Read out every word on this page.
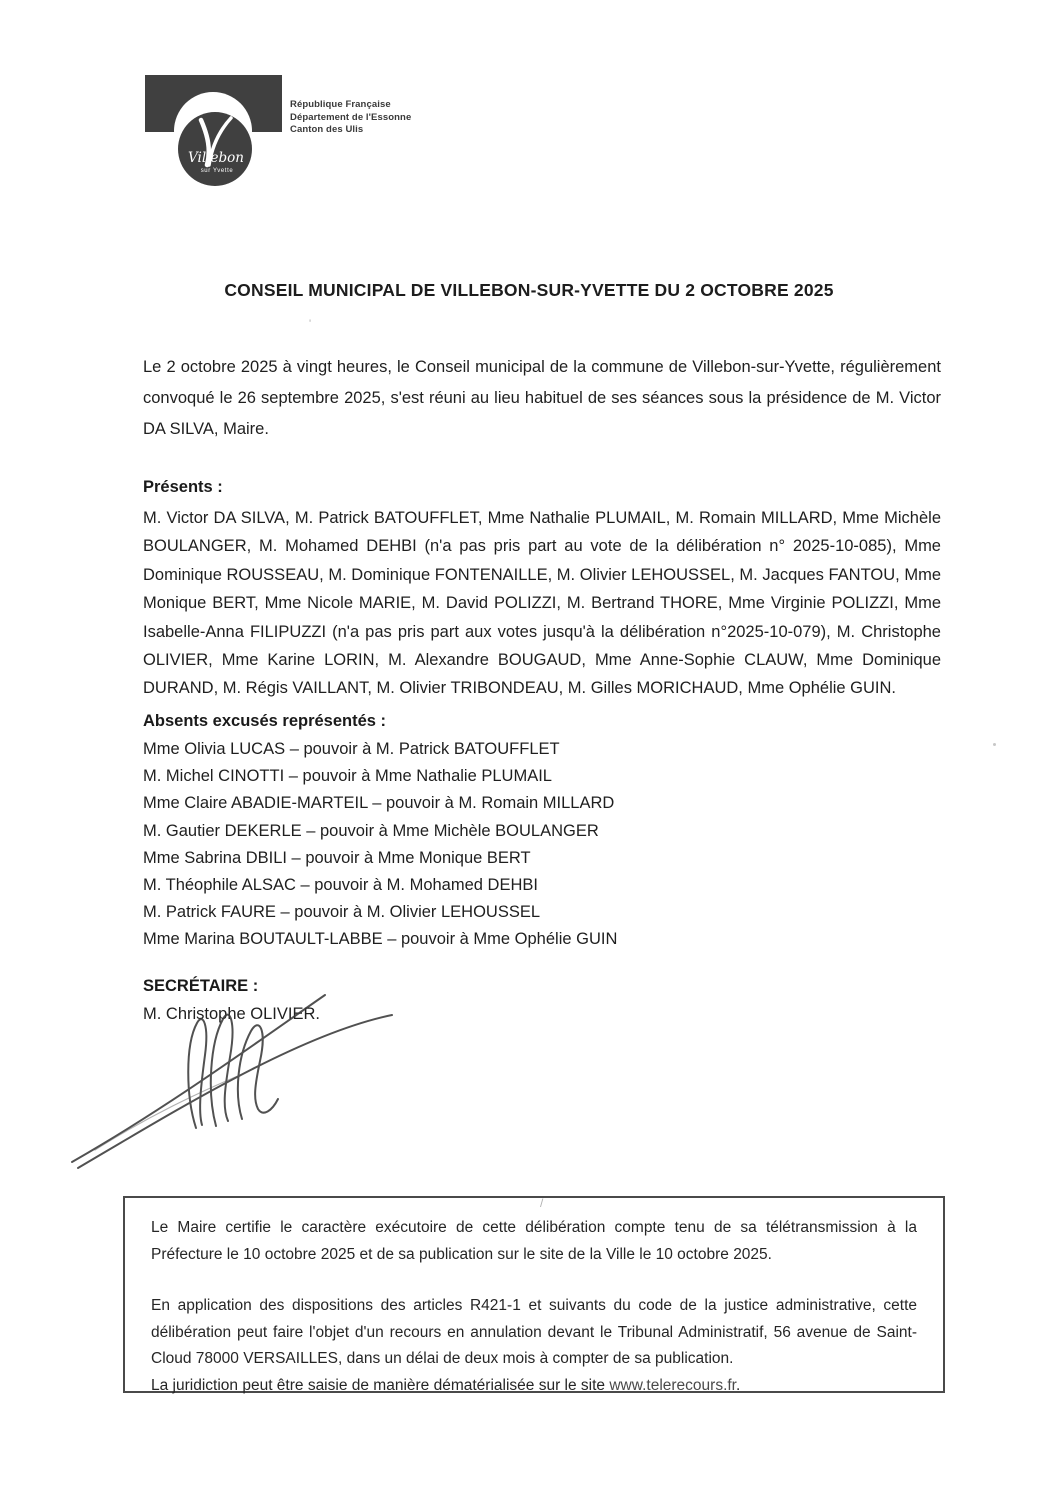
Villebon
sur Yvette
République Française
Département de l'Essonne
Canton des Ulis
CONSEIL MUNICIPAL DE VILLEBON-SUR-YVETTE DU 2 OCTOBRE 2025
Le 2 octobre 2025 à vingt heures, le Conseil municipal de la commune de Villebon-sur-Yvette, régulièrement convoqué le 26 septembre 2025, s'est réuni au lieu habituel de ses séances sous la présidence de M. Victor DA SILVA, Maire.
Présents :
M. Victor DA SILVA, M. Patrick BATOUFFLET, Mme Nathalie PLUMAIL, M. Romain MILLARD, Mme Michèle BOULANGER, M. Mohamed DEHBI (n'a pas pris part au vote de la délibération n° 2025-10-085), Mme Dominique ROUSSEAU, M. Dominique FONTENAILLE, M. Olivier LEHOUSSEL, M. Jacques FANTOU, Mme Monique BERT, Mme Nicole MARIE, M. David POLIZZI, M. Bertrand THORE, Mme Virginie POLIZZI, Mme Isabelle-Anna FILIPUZZI (n'a pas pris part aux votes jusqu'à la délibération n°2025-10-079), M. Christophe OLIVIER, Mme Karine LORIN, M. Alexandre BOUGAUD, Mme Anne-Sophie CLAUW, Mme Dominique DURAND, M. Régis VAILLANT, M. Olivier TRIBONDEAU, M. Gilles MORICHAUD, Mme Ophélie GUIN.
Absents excusés représentés :
Mme Olivia LUCAS – pouvoir à M. Patrick BATOUFFLET
M. Michel CINOTTI – pouvoir à Mme Nathalie PLUMAIL
Mme Claire ABADIE-MARTEIL – pouvoir à M. Romain MILLARD
M. Gautier DEKERLE – pouvoir à Mme Michèle BOULANGER
Mme Sabrina DBILI – pouvoir à Mme Monique BERT
M. Théophile ALSAC – pouvoir à M. Mohamed DEHBI
M. Patrick FAURE – pouvoir à M. Olivier LEHOUSSEL
Mme Marina BOUTAULT-LABBE – pouvoir à Mme Ophélie GUIN
SECRÉTAIRE :
M. Christophe OLIVIER.

Le Maire certifie le caractère exécutoire de cette délibération compte tenu de sa télétransmission à la Préfecture le 10 octobre 2025 et de sa publication sur le site de la Ville le 10 octobre 2025.

En application des dispositions des articles R421-1 et suivants du code de la justice administrative, cette délibération peut faire l'objet d'un recours en annulation devant le Tribunal Administratif, 56 avenue de Saint-Cloud 78000 VERSAILLES, dans un délai de deux mois à compter de sa publication.

La juridiction peut être saisie de manière dématérialisée sur le site www.telerecours.fr.

'
/
